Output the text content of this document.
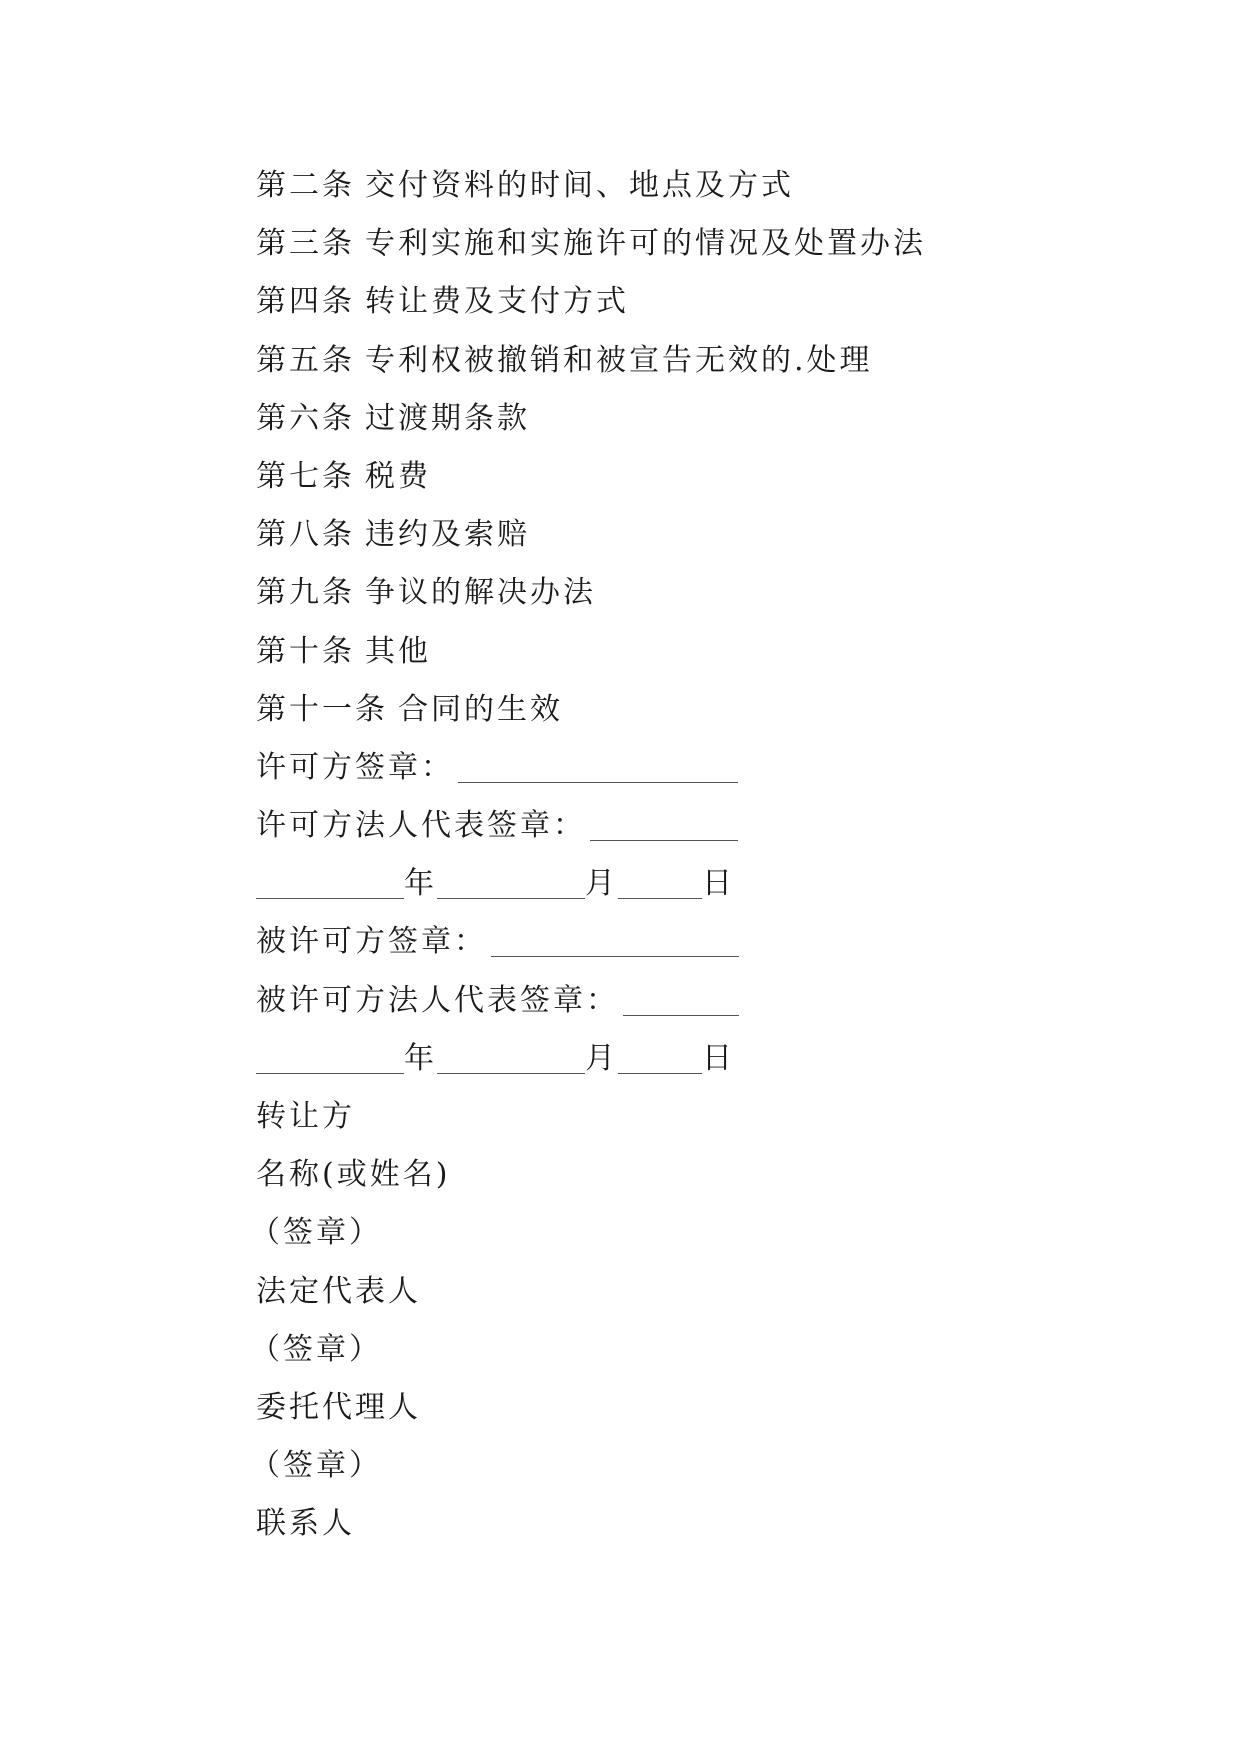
第二条 交付资料的时间、地点及方式
第三条 专利实施和实施许可的情况及处置办法
第四条 转让费及支付方式
第五条 专利权被撤销和被宣告无效的.处理
第六条 过渡期条款
第七条 税费
第八条 违约及索赔
第九条 争议的解决办法
第十条 其他
第十一条 合同的生效
许可方签章：
许可方法人代表签章：
年	月	日
被许可方签章：
被许可方法人代表签章：
年	月	日
转让方
名称(或姓名)
（签章）
法定代表人
（签章）
委托代理人
（签章）
联系人
